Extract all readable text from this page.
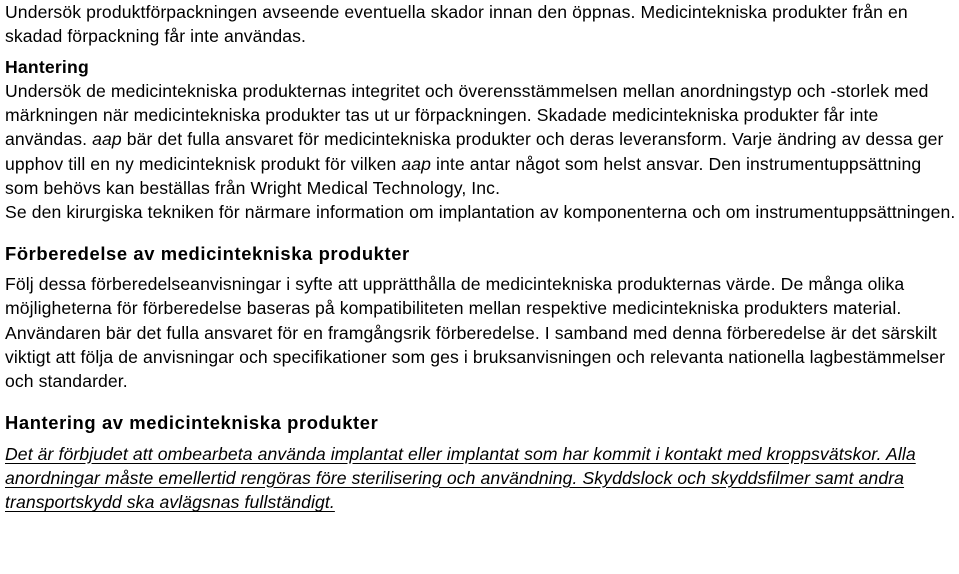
Undersök produktförpackningen avseende eventuella skador innan den öppnas. Medicintekniska produkter från en skadad förpackning får inte användas.

Hantering

Undersök de medicintekniska produkternas integritet och överensstämmelsen mellan anordningstyp och -storlek med märkningen när medicintekniska produkter tas ut ur förpackningen. Skadade medicintekniska produkter får inte användas. aap bär det fulla ansvaret för medicintekniska produkter och deras leveransform. Varje ändring av dessa ger upphov till en ny medicinteknisk produkt för vilken aap inte antar något som helst ansvar. Den instrumentuppsättning som behövs kan beställas från Wright Medical Technology, Inc.

Se den kirurgiska tekniken för närmare information om implantation av komponenterna och om instrumentuppsättningen.

Förberedelse av medicintekniska produkter

Följ dessa förberedelseanvisningar i syfte att upprätthålla de medicintekniska produkternas värde. De många olika möjligheterna för förberedelse baseras på kompatibiliteten mellan respektive medicintekniska produkters material. Användaren bär det fulla ansvaret för en framgångsrik förberedelse. I samband med denna förberedelse är det särskilt viktigt att följa de anvisningar och specifikationer som ges i bruksanvisningen och relevanta nationella lagbestämmelser och standarder.

Hantering av medicintekniska produkter

Det är förbjudet att ombearbeta använda implantat eller implantat som har kommit i kontakt med kroppsvätskor. Alla anordningar måste emellertid rengöras före sterilisering och användning. Skyddslock och skyddsfilmer samt andra transportskydd ska avlägsnas fullständigt.
